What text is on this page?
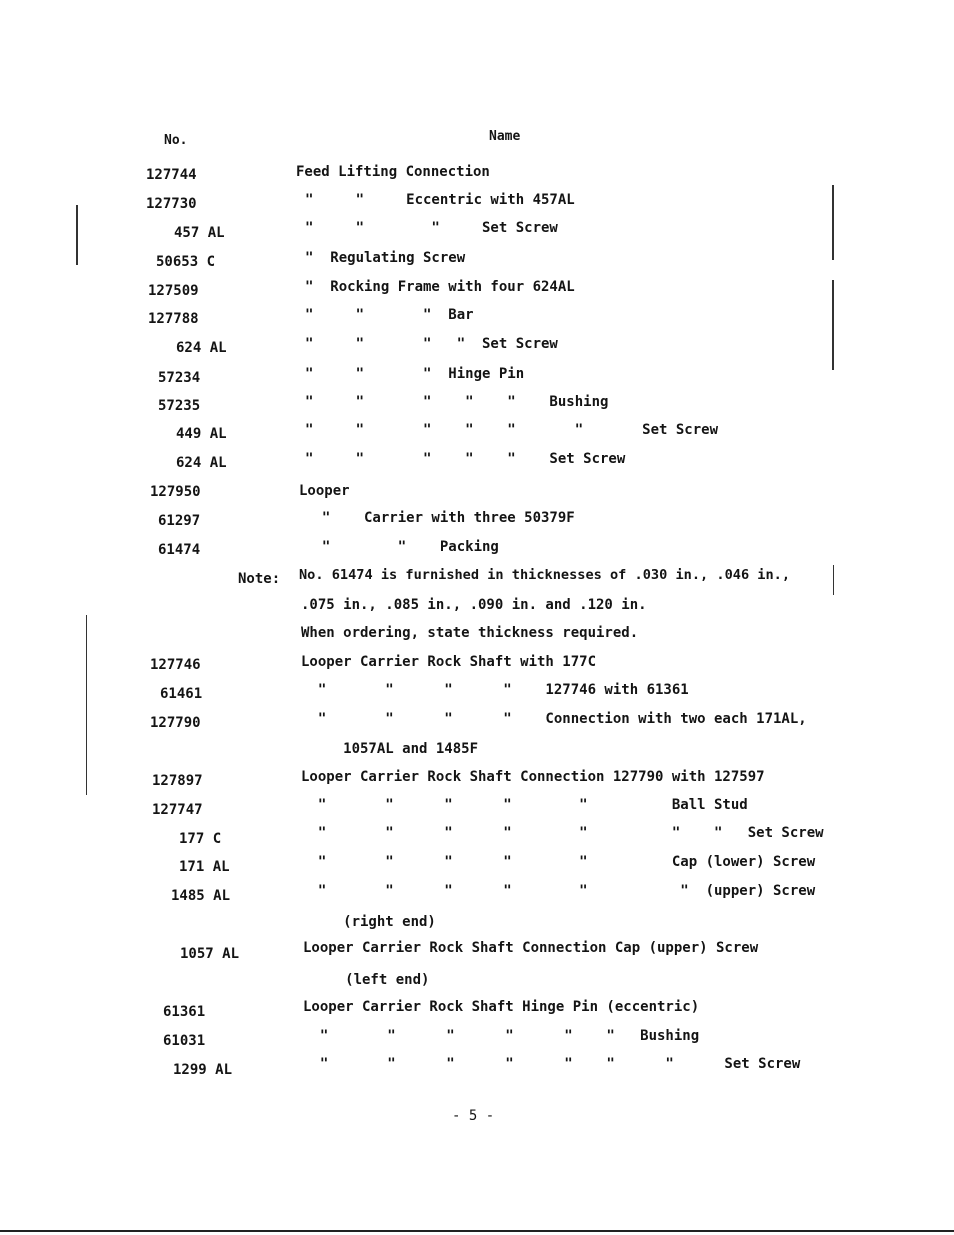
No.	Name
127744	Feed Lifting Connection
127730	"     "     Eccentric with 457AL
457 AL	"     "        "     Set Screw
50653 C	"  Regulating Screw
127509	"  Rocking Frame with four 624AL
127788	"     "       "  Bar
624 AL	"     "       "   "  Set Screw
57234	"     "       "  Hinge Pin
57235	"     "       "    "    "    Bushing
449 AL	"     "       "    "    "       "       Set Screw
624 AL	"     "       "    "    "    Set Screw
127950	Looper
61297	"    Carrier with three 50379F
61474	"        "    Packing
Note: No. 61474 is furnished in thicknesses of .030 in., .046 in.,
.075 in., .085 in., .090 in. and .120 in.
When ordering, state thickness required.
127746	Looper Carrier Rock Shaft with 177C
61461	"       "      "      "    127746 with 61361
127790	"       "      "      "    Connection with two each 171AL,
1057AL and 1485F
127897	Looper Carrier Rock Shaft Connection 127790 with 127597
127747	"       "      "      "        "          Ball Stud
177 C	"       "      "      "        "          "    "   Set Screw
171 AL	"       "      "      "        "          Cap (lower) Screw
1485 AL	"       "      "      "        "           "  (upper) Screw
(right end)
1057 AL	Looper Carrier Rock Shaft Connection Cap (upper) Screw
(left end)
61361	Looper Carrier Rock Shaft Hinge Pin (eccentric)
61031	"       "      "      "      "    "   Bushing
1299 AL	"       "      "      "      "    "      "      Set Screw
- 5 -
